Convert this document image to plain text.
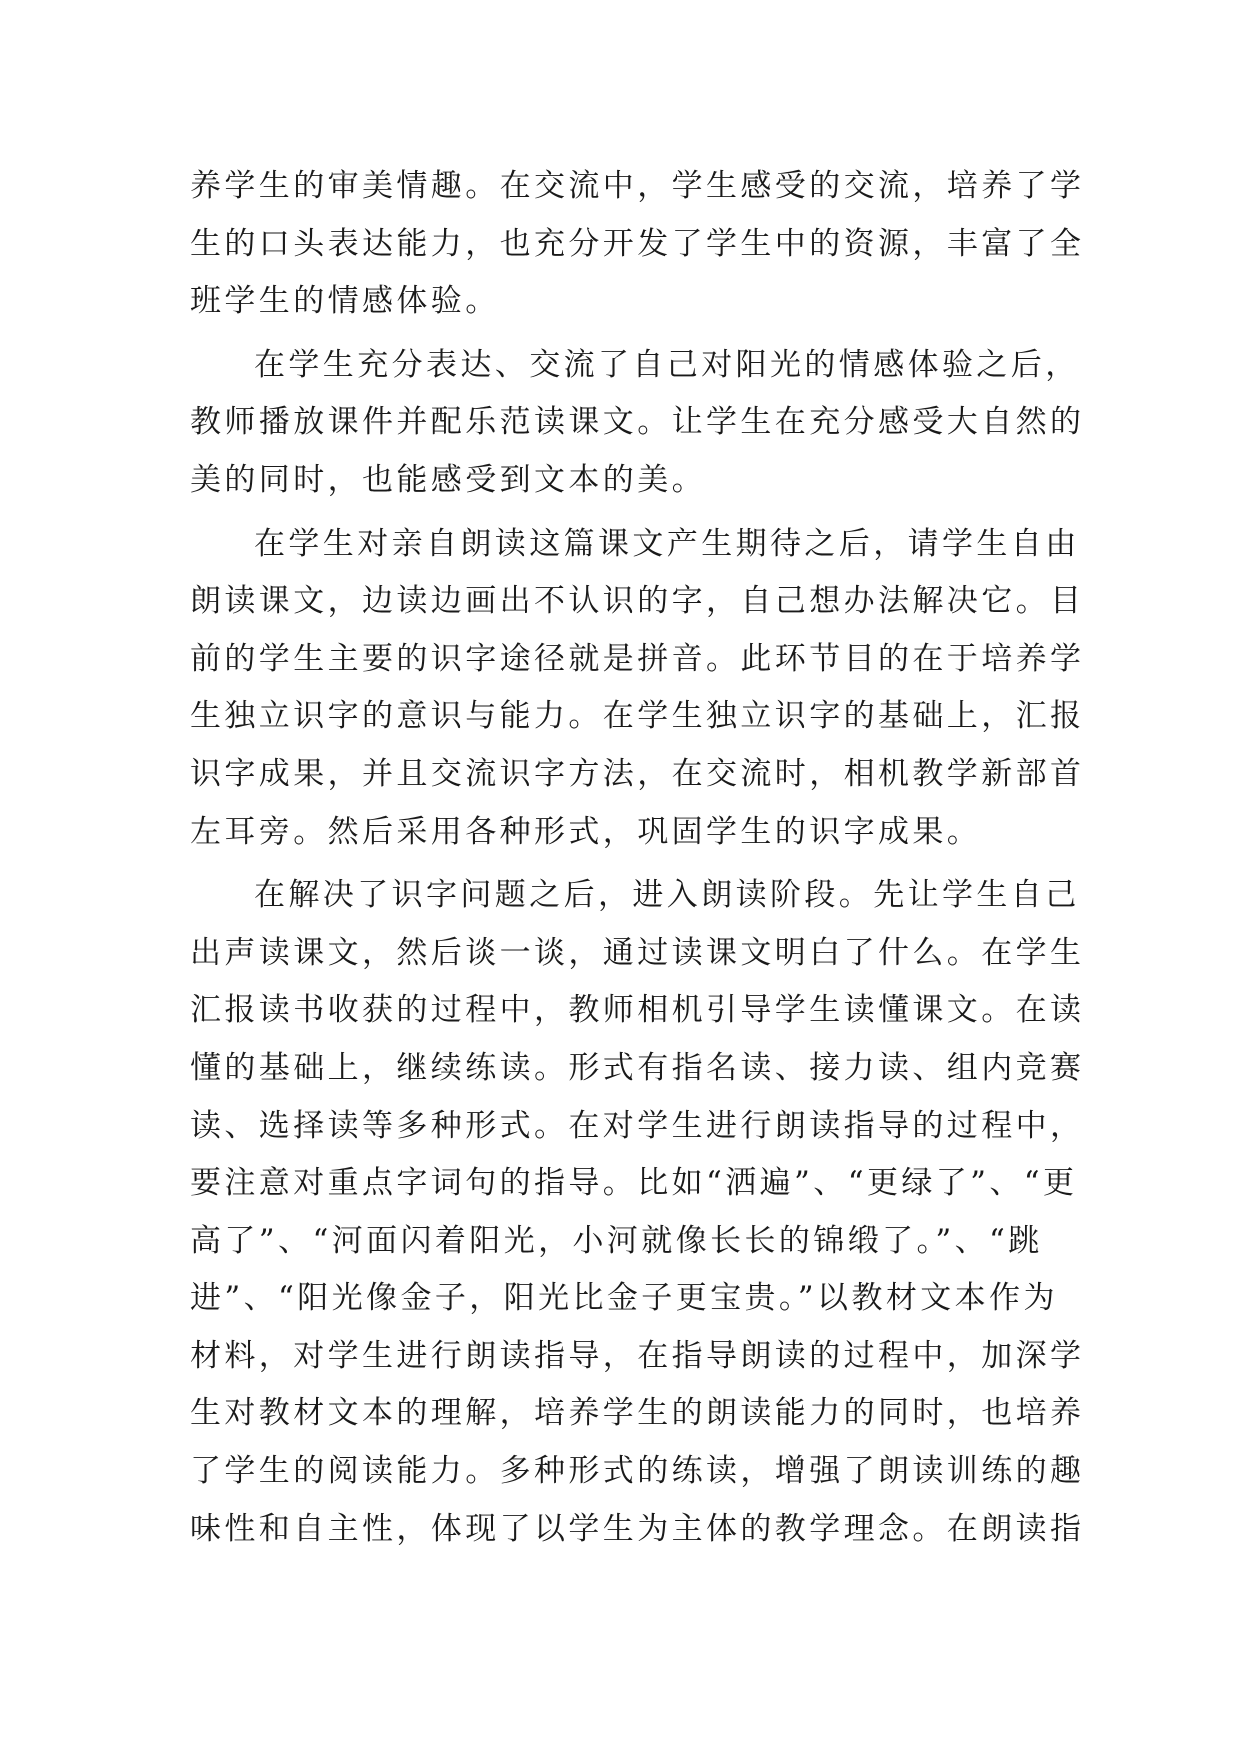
养学生的审美情趣。在交流中，学生感受的交流，培养了学
生的口头表达能力，也充分开发了学生中的资源，丰富了全
班学生的情感体验。
在学生充分表达、交流了自己对阳光的情感体验之后，
教师播放课件并配乐范读课文。让学生在充分感受大自然的
美的同时，也能感受到文本的美。
在学生对亲自朗读这篇课文产生期待之后，请学生自由
朗读课文，边读边画出不认识的字，自己想办法解决它。目
前的学生主要的识字途径就是拼音。此环节目的在于培养学
生独立识字的意识与能力。在学生独立识字的基础上，汇报
识字成果，并且交流识字方法，在交流时，相机教学新部首
左耳旁。然后采用各种形式，巩固学生的识字成果。
在解决了识字问题之后，进入朗读阶段。先让学生自己
出声读课文，然后谈一谈，通过读课文明白了什么。在学生
汇报读书收获的过程中，教师相机引导学生读懂课文。在读
懂的基础上，继续练读。形式有指名读、接力读、组内竞赛
读、选择读等多种形式。在对学生进行朗读指导的过程中，
要注意对重点字词句的指导。比如“洒遍”、“更绿了”、“更
高了”、“河面闪着阳光，小河就像长长的锦缎了。”、“跳
进”、“阳光像金子，阳光比金子更宝贵。”以教材文本作为
材料，对学生进行朗读指导，在指导朗读的过程中，加深学
生对教材文本的理解，培养学生的朗读能力的同时，也培养
了学生的阅读能力。多种形式的练读，增强了朗读训练的趣
味性和自主性，体现了以学生为主体的教学理念。在朗读指
